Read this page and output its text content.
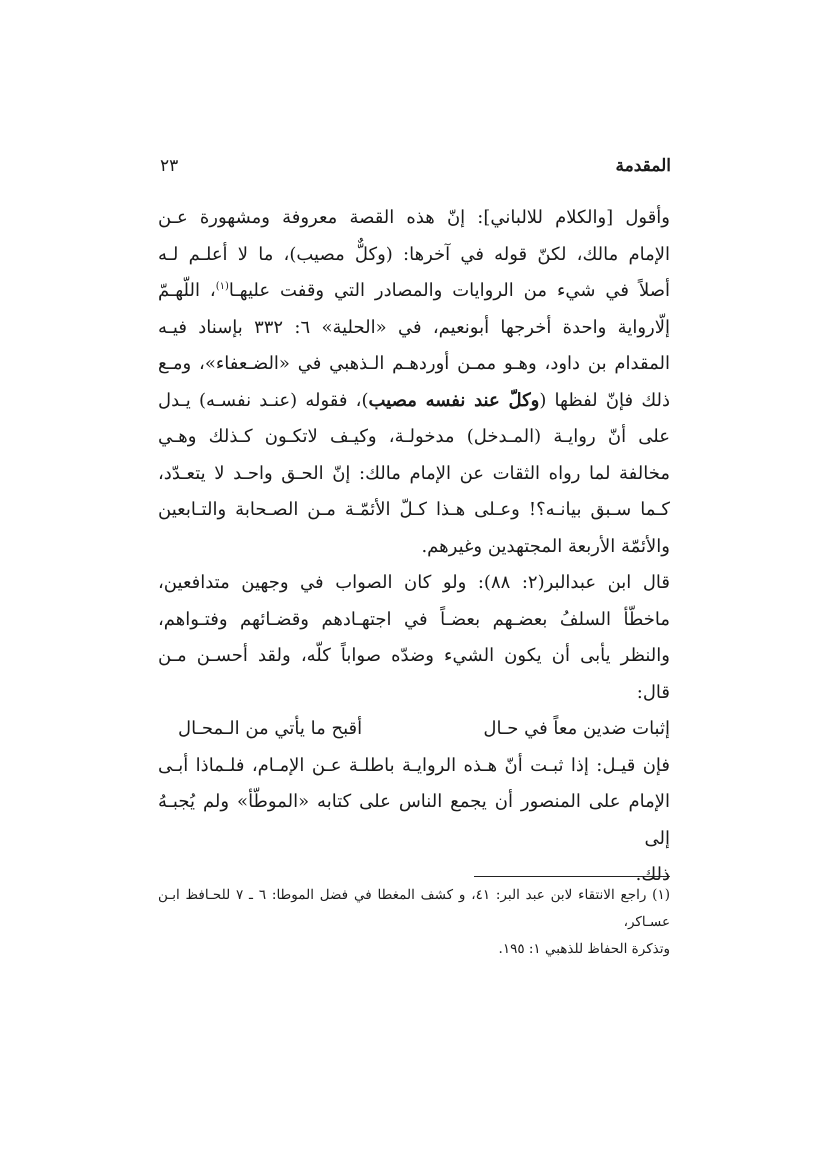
المقدمة
٢٣

وأقول [والكلام للالباني]: إنّ هذه القصة معروفة ومشهورة عـن
الإمام مالك، لكنّ قوله في آخرها: (وكلٌّ مصيب)، ما لا أعلـم لـه
أصلاً في شيء من الروايات والمصادر التي وقفت عليهـا$^{(١)}$، اللّهـمّ
إلّارواية واحدة أخرجها أبونعيم، في «الحلية» ٦: ٣٣٢ بإسناد فيـه
المقدام بن داود، وهـو ممـن أوردهـم الـذهبي في «الضـعفاء»، ومـع
ذلك فإنّ لفظها (وكلّ عند نفسه مصيب)، فقوله (عنـد نفسـه) يـدل
على أنّ روايـة (المـدخل) مدخولـة، وكيـف لاتكـون كـذلك وهـي
مخالفة لما رواه الثقات عن الإمام مالك: إنّ الحـق واحـد لا يتعـدّد،
كـما سـبق بيانـه؟! وعـلى هـذا كـلّ الأئمّـة مـن الصـحابة والتـابعين
والأئمّة الأربعة المجتهدين وغيرهم.

قال ابن عبدالبر(٢: ٨٨): ولو كان الصواب في وجهين متدافعين،
ماخطّأ السلفُ بعضـهم بعضـاً في اجتهـادهم وقضـائهم وفتـواهم،
والنظر يأبى أن يكون الشيء وضدّه صواباً كلّه، ولقد أحسـن مـن
قال:

إثبات ضدين معاً في حـال
أقبح ما يأتي من الـمحـال

فإن قيـل: إذا ثبـت أنّ هـذه الروايـة باطلـة عـن الإمـام، فلـماذا أبـى
الإمام على المنصور أن يجمع الناس على كتابه «الموطّأ» ولم يُجبـهُ إلى
ذلك.

(١) راجع الانتقاء لابن عبد البر: ٤١، و كشف المغطا في فضل الموطا: ٦ ـ ٧ للحـافظ ابـن عسـاكر،
وتذكرة الحفاظ للذهبي ١: ١٩٥.
